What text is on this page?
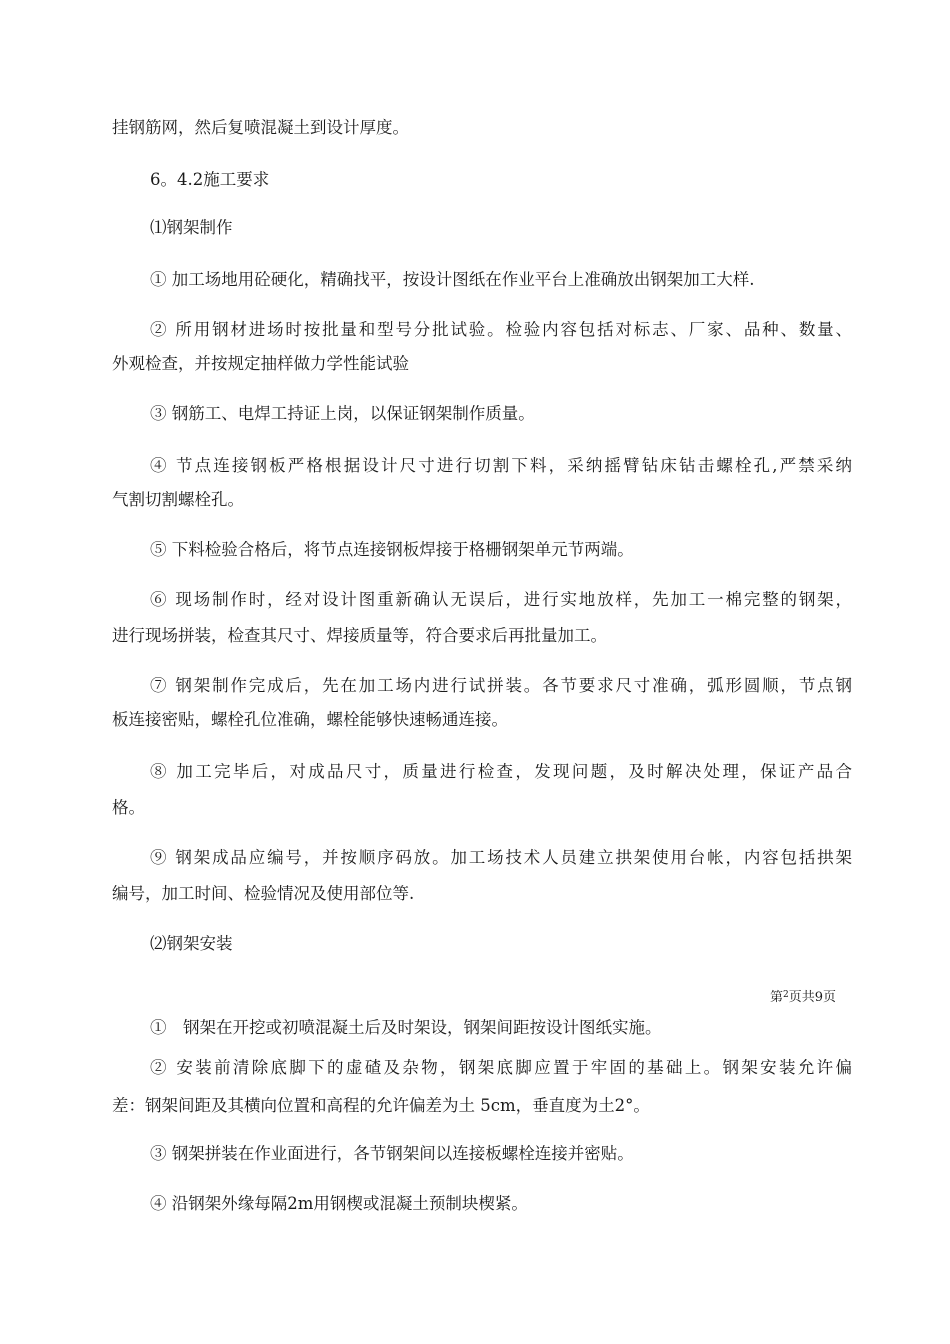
挂钢筋网，然后复喷混凝土到设计厚度。
6。4.2施工要求
⑴钢架制作
① 加工场地用砼硬化，精确找平，按设计图纸在作业平台上准确放出钢架加工大样.
② 所用钢材进场时按批量和型号分批试验。检验内容包括对标志、厂家、品种、数量、
外观检查，并按规定抽样做力学性能试验
③ 钢筋工、电焊工持证上岗，以保证钢架制作质量。
④ 节点连接钢板严格根据设计尺寸进行切割下料，采纳摇臂钻床钻击螺栓孔,严禁采纳
气割切割螺栓孔。
⑤ 下料检验合格后，将节点连接钢板焊接于格栅钢架单元节两端。
⑥ 现场制作时，经对设计图重新确认无误后，进行实地放样，先加工一棉完整的钢架，
进行现场拼装，检查其尺寸、焊接质量等，符合要求后再批量加工。
⑦ 钢架制作完成后，先在加工场内进行试拼装。各节要求尺寸准确，弧形圆顺，节点钢
板连接密贴，螺栓孔位准确，螺栓能够快速畅通连接。
⑧ 加工完毕后，对成品尺寸，质量进行检查，发现问题，及时解决处理，保证产品合
格。
⑨ 钢架成品应编号，并按顺序码放。加工场技术人员建立拱架使用台帐，内容包括拱架
编号，加工时间、检验情况及使用部位等.
⑵钢架安装
第$^2$页共9页
①　钢架在开挖或初喷混凝土后及时架设，钢架间距按设计图纸实施。
② 安装前清除底脚下的虚碴及杂物，钢架底脚应置于牢固的基础上。钢架安装允许偏
差：钢架间距及其横向位置和高程的允许偏差为土 5cm，垂直度为土2°。
③ 钢架拼装在作业面进行，各节钢架间以连接板螺栓连接并密贴。
④ 沿钢架外缘每隔2m用钢楔或混凝土预制块楔紧。
